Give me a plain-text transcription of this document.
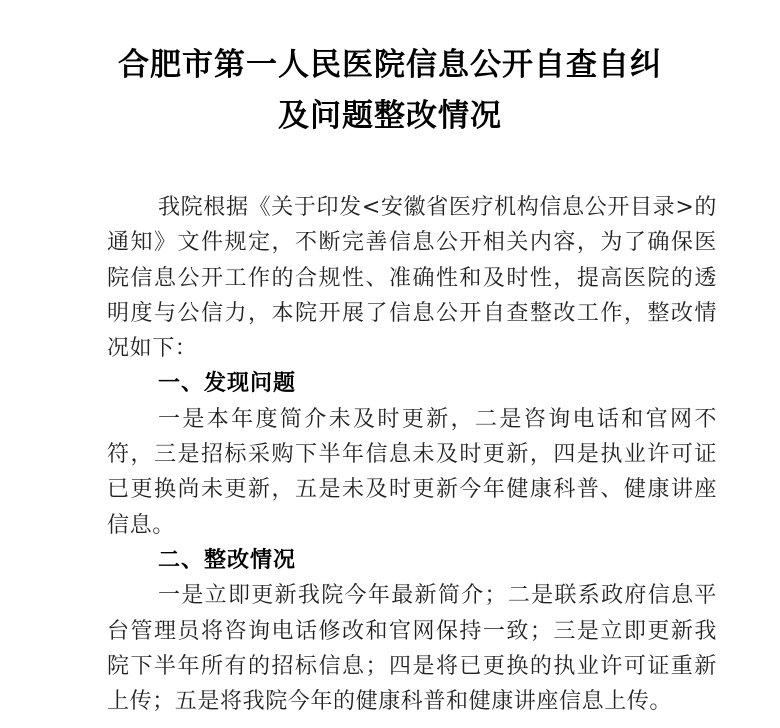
合肥市第一人民医院信息公开自查自纠
及问题整改情况

我院根据《关于印发<安徽省医疗机构信息公开目录>的通知》文件规定，不断完善信息公开相关内容，为了确保医院信息公开工作的合规性、准确性和及时性，提高医院的透明度与公信力，本院开展了信息公开自查整改工作，整改情况如下：

一、发现问题

一是本年度简介未及时更新，二是咨询电话和官网不符，三是招标采购下半年信息未及时更新，四是执业许可证已更换尚未更新，五是未及时更新今年健康科普、健康讲座信息。

二、整改情况

一是立即更新我院今年最新简介；二是联系政府信息平台管理员将咨询电话修改和官网保持一致；三是立即更新我院下半年所有的招标信息；四是将已更换的执业许可证重新上传；五是将我院今年的健康科普和健康讲座信息上传。
